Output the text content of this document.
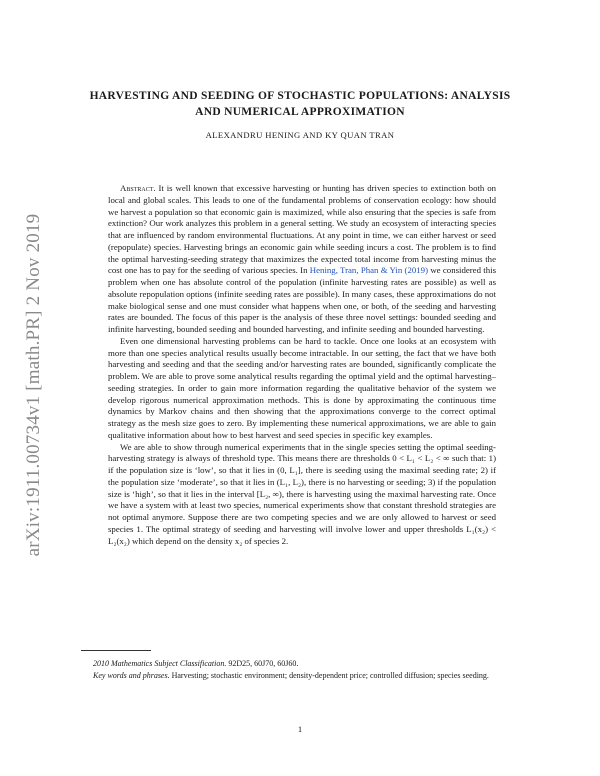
arXiv:1911.00734v1 [math.PR] 2 Nov 2019
HARVESTING AND SEEDING OF STOCHASTIC POPULATIONS: ANALYSIS AND NUMERICAL APPROXIMATION
ALEXANDRU HENING AND KY QUAN TRAN

Abstract. It is well known that excessive harvesting or hunting has driven species to extinction both on local and global scales. This leads to one of the fundamental problems of conservation ecology: how should we harvest a population so that economic gain is maximized, while also ensuring that the species is safe from extinction? Our work analyzes this problem in a general setting. We study an ecosystem of interacting species that are influenced by random environmental fluctuations. At any point in time, we can either harvest or seed (repopulate) species. Harvesting brings an economic gain while seeding incurs a cost. The problem is to find the optimal harvesting-seeding strategy that maximizes the expected total income from harvesting minus the cost one has to pay for the seeding of various species. In Hening, Tran, Phan & Yin (2019) we considered this problem when one has absolute control of the population (infinite harvesting rates are possible) as well as absolute repopulation options (infinite seeding rates are possible). In many cases, these approximations do not make biological sense and one must consider what happens when one, or both, of the seeding and harvesting rates are bounded. The focus of this paper is the analysis of these three novel settings: bounded seeding and infinite harvesting, bounded seeding and bounded harvesting, and infinite seeding and bounded harvesting.

Even one dimensional harvesting problems can be hard to tackle. Once one looks at an ecosystem with more than one species analytical results usually become intractable. In our setting, the fact that we have both harvesting and seeding and that the seeding and/or harvesting rates are bounded, significantly complicate the problem. We are able to prove some analytical results regarding the optimal yield and the optimal harvesting–seeding strategies. In order to gain more information regarding the qualitative behavior of the system we develop rigorous numerical approximation methods. This is done by approximating the continuous time dynamics by Markov chains and then showing that the approximations converge to the correct optimal strategy as the mesh size goes to zero. By implementing these numerical approximations, we are able to gain qualitative information about how to best harvest and seed species in specific key examples.

We are able to show through numerical experiments that in the single species setting the optimal seeding-harvesting strategy is always of threshold type. This means there are thresholds 0 < L₁ < L₂ < ∞ such that: 1) if the population size is ‘low’, so that it lies in (0, L₁], there is seeding using the maximal seeding rate; 2) if the population size ‘moderate’, so that it lies in (L₁, L₂), there is no harvesting or seeding; 3) if the population size is ‘high’, so that it lies in the interval [L₂, ∞), there is harvesting using the maximal harvesting rate. Once we have a system with at least two species, numerical experiments show that constant threshold strategies are not optimal anymore. Suppose there are two competing species and we are only allowed to harvest or seed species 1. The optimal strategy of seeding and harvesting will involve lower and upper thresholds L₁(x₂) < L₂(x₂) which depend on the density x₂ of species 2.

2010 Mathematics Subject Classification. 92D25, 60J70, 60J60.
Key words and phrases. Harvesting; stochastic environment; density-dependent price; controlled diffusion; species seeding.
1
